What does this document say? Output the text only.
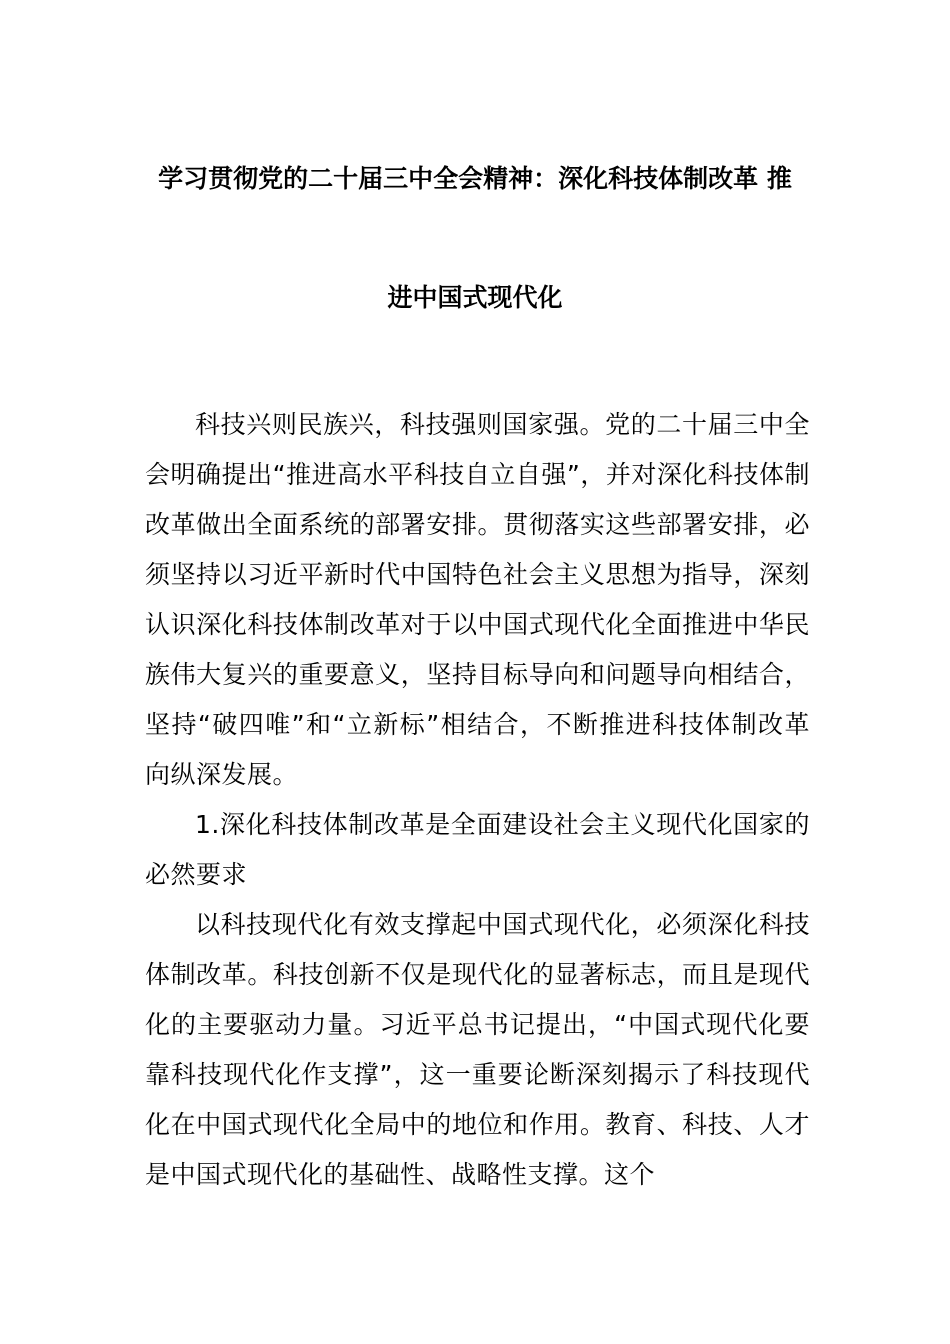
学习贯彻党的二十届三中全会精神：深化科技体制改革 推
进中国式现代化

科技兴则民族兴，科技强则国家强。党的二十届三中全会明确提出“推进高水平科技自立自强”，并对深化科技体制改革做出全面系统的部署安排。贯彻落实这些部署安排，必须坚持以习近平新时代中国特色社会主义思想为指导，深刻认识深化科技体制改革对于以中国式现代化全面推进中华民族伟大复兴的重要意义，坚持目标导向和问题导向相结合，坚持“破四唯”和“立新标”相结合，不断推进科技体制改革向纵深发展。

1.深化科技体制改革是全面建设社会主义现代化国家的必然要求

以科技现代化有效支撑起中国式现代化，必须深化科技体制改革。科技创新不仅是现代化的显著标志，而且是现代化的主要驱动力量。习近平总书记提出，“中国式现代化要靠科技现代化作支撑”，这一重要论断深刻揭示了科技现代化在中国式现代化全局中的地位和作用。教育、科技、人才是中国式现代化的基础性、战略性支撑。这个
